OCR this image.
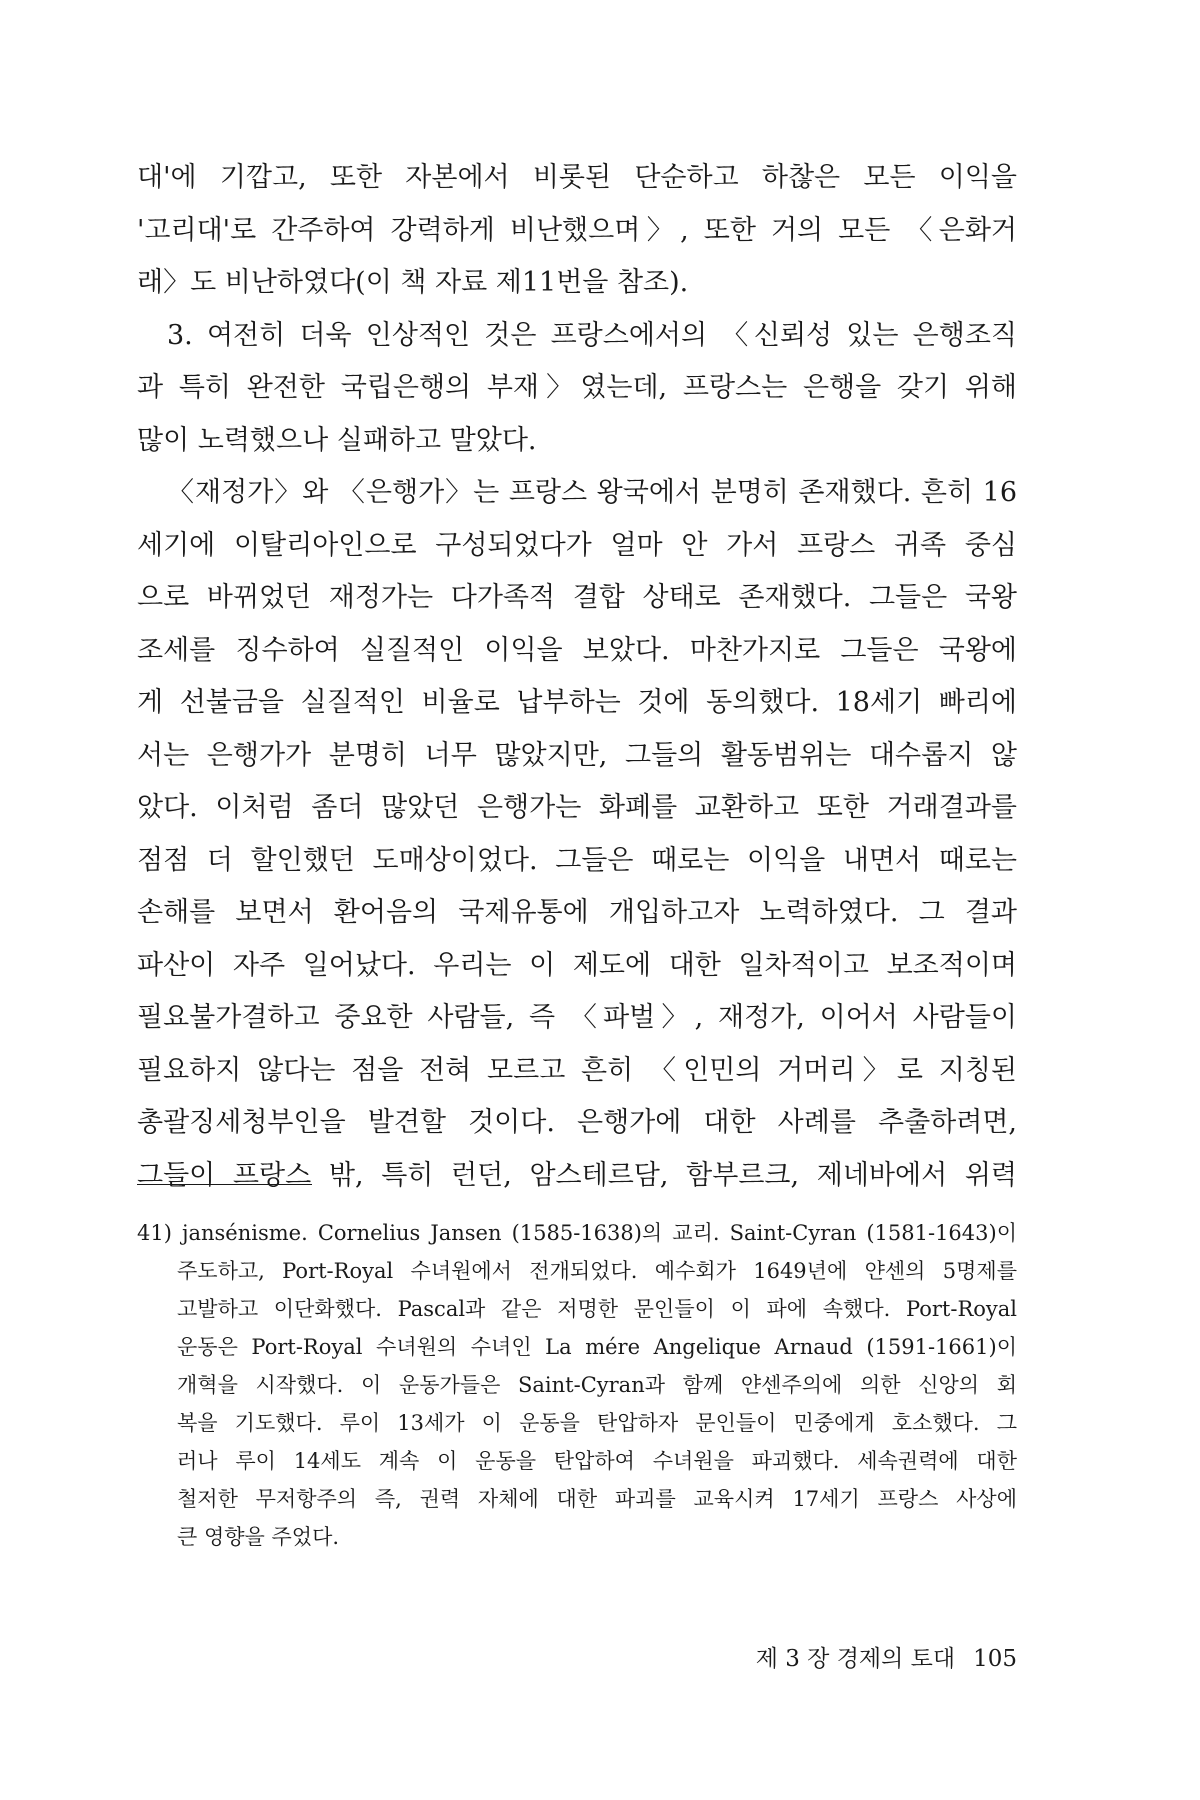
대'에 기깝고, 또한 자본에서 비롯된 단순하고 하찮은 모든 이익을
'고리대'로 간주하여 강력하게 비난했으며〉, 또한 거의 모든 〈은화거
래〉도 비난하였다(이 책 자료 제11번을 참조).
3. 여전히 더욱 인상적인 것은 프랑스에서의 〈신뢰성 있는 은행조직
과 특히 완전한 국립은행의 부재〉였는데, 프랑스는 은행을 갖기 위해
많이 노력했으나 실패하고 말았다.
〈재정가〉와 〈은행가〉는 프랑스 왕국에서 분명히 존재했다. 흔히 16
세기에 이탈리아인으로 구성되었다가 얼마 안 가서 프랑스 귀족 중심
으로 바뀌었던 재정가는 다가족적 결합 상태로 존재했다. 그들은 국왕
조세를 징수하여 실질적인 이익을 보았다. 마찬가지로 그들은 국왕에
게 선불금을 실질적인 비율로 납부하는 것에 동의했다. 18세기 빠리에
서는 은행가가 분명히 너무 많았지만, 그들의 활동범위는 대수롭지 않
았다. 이처럼 좀더 많았던 은행가는 화폐를 교환하고 또한 거래결과를
점점 더 할인했던 도매상이었다. 그들은 때로는 이익을 내면서 때로는
손해를 보면서 환어음의 국제유통에 개입하고자 노력하였다. 그 결과
파산이 자주 일어났다. 우리는 이 제도에 대한 일차적이고 보조적이며
필요불가결하고 중요한 사람들, 즉 〈파벌〉, 재정가, 이어서 사람들이
필요하지 않다는 점을 전혀 모르고 흔히 〈인민의 거머리〉로 지칭된
총괄징세청부인을 발견할 것이다. 은행가에 대한 사례를 추출하려면,
그들이 프랑스 밖, 특히 런던, 암스테르담, 함부르크, 제네바에서 위력
41) jansénisme. Cornelius Jansen (1585-1638)의 교리. Saint-Cyran (1581-1643)이
주도하고, Port-Royal 수녀원에서 전개되었다. 예수회가 1649년에 얀센의 5명제를
고발하고 이단화했다. Pascal과 같은 저명한 문인들이 이 파에 속했다. Port-Royal
운동은 Port-Royal 수녀원의 수녀인 La mére Angelique Arnaud (1591-1661)이
개혁을 시작했다. 이 운동가들은 Saint-Cyran과 함께 얀센주의에 의한 신앙의 회
복을 기도했다. 루이 13세가 이 운동을 탄압하자 문인들이 민중에게 호소했다. 그
러나 루이 14세도 계속 이 운동을 탄압하여 수녀원을 파괴했다. 세속권력에 대한
철저한 무저항주의 즉, 권력 자체에 대한 파괴를 교육시켜 17세기 프랑스 사상에
큰 영향을 주었다.
제 3 장 경제의 토대 105
